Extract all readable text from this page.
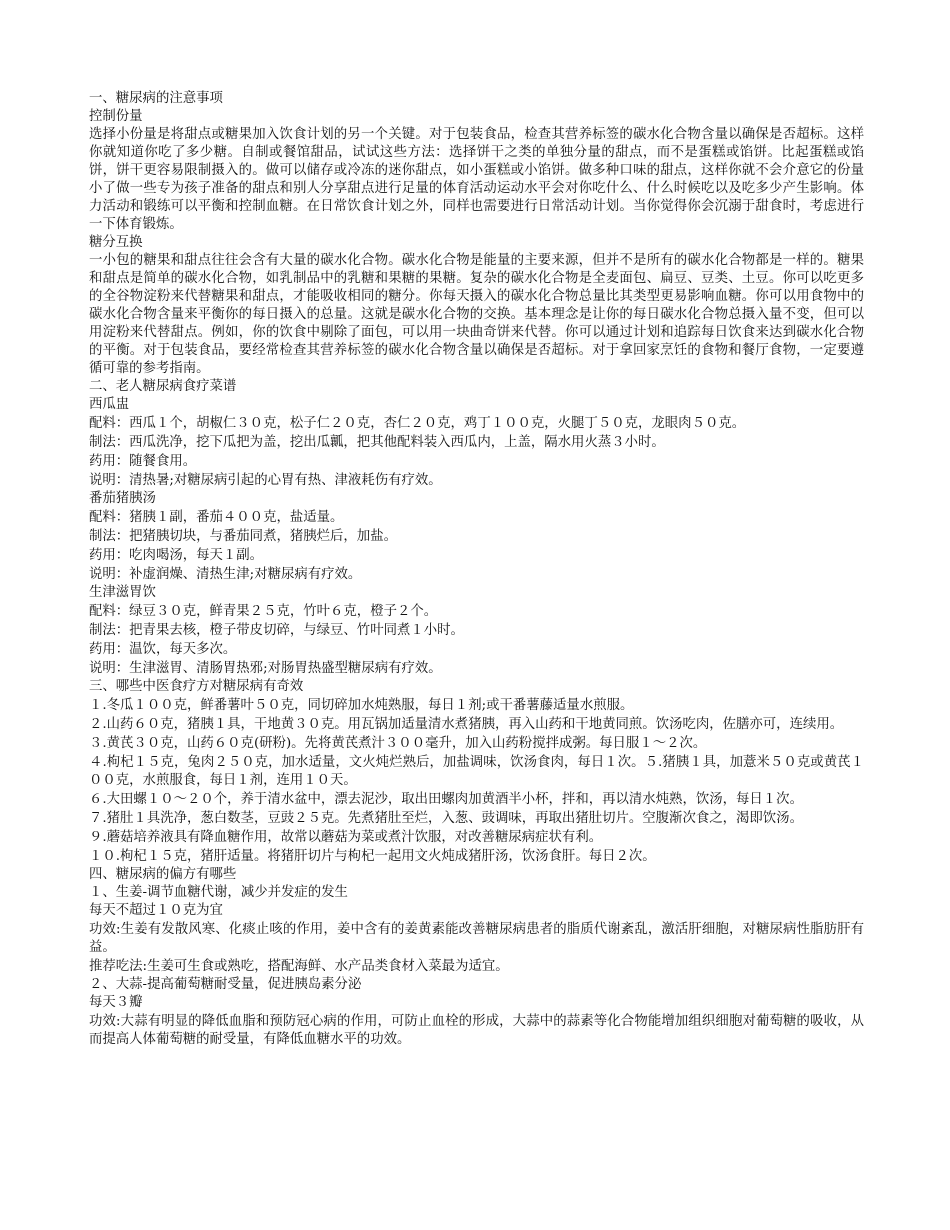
一、糖尿病的注意事项

控制份量

选择小份量是将甜点或糖果加入饮食计划的另一个关键。对于包装食品，检查其营养标签的碳水化合物含量以确保是否超标。这样你就知道你吃了多少糖。自制或餐馆甜品，试试这些方法：选择饼干之类的单独分量的甜点，而不是蛋糕或馅饼。比起蛋糕或馅饼，饼干更容易限制摄入的。做可以储存或冷冻的迷你甜点，如小蛋糕或小馅饼。做多种口味的甜点，这样你就不会介意它的份量小了做一些专为孩子准备的甜点和别人分享甜点进行足量的体育活动运动水平会对你吃什么、什么时候吃以及吃多少产生影响。体力活动和锻练可以平衡和控制血糖。在日常饮食计划之外，同样也需要进行日常活动计划。当你觉得你会沉溺于甜食时，考虑进行一下体育锻炼。

糖分互换

一小包的糖果和甜点往往会含有大量的碳水化合物。碳水化合物是能量的主要来源，但并不是所有的碳水化合物都是一样的。糖果和甜点是简单的碳水化合物，如乳制品中的乳糖和果糖的果糖。复杂的碳水化合物是全麦面包、扁豆、豆类、土豆。你可以吃更多的全谷物淀粉来代替糖果和甜点，才能吸收相同的糖分。你每天摄入的碳水化合物总量比其类型更易影响血糖。你可以用食物中的碳水化合物含量来平衡你的每日摄入的总量。这就是碳水化合物的交换。基本理念是让你的每日碳水化合物总摄入量不变，但可以用淀粉来代替甜点。例如，你的饮食中剔除了面包，可以用一块曲奇饼来代替。你可以通过计划和追踪每日饮食来达到碳水化合物的平衡。对于包装食品，要经常检查其营养标签的碳水化合物含量以确保是否超标。对于拿回家烹饪的食物和餐厅食物，一定要遵循可靠的参考指南。

二、老人糖尿病食疗菜谱

西瓜盅

配料：西瓜１个，胡椒仁３０克，松子仁２０克，杏仁２０克，鸡丁１００克，火腿丁５０克，龙眼肉５０克。

制法：西瓜洗净，挖下瓜把为盖，挖出瓜瓤，把其他配料装入西瓜内，上盖，隔水用火蒸３小时。

药用：随餐食用。

说明：清热暑;对糖尿病引起的心胃有热、津液耗伤有疗效。

番茄猪胰汤

配料：猪胰１副，番茄４００克，盐适量。

制法：把猪胰切块，与番茄同煮，猪胰烂后，加盐。

药用：吃肉喝汤，每天１副。

说明：补虚润燥、清热生津;对糖尿病有疗效。

生津滋胃饮

配料：绿豆３０克，鲜青果２５克，竹叶６克，橙子２个。

制法：把青果去核，橙子带皮切碎，与绿豆、竹叶同煮１小时。

药用：温饮，每天多次。

说明：生津滋胃、清肠胃热邪;对肠胃热盛型糖尿病有疗效。

三、哪些中医食疗方对糖尿病有奇效

１.冬瓜１００克，鲜番薯叶５０克，同切碎加水炖熟服，每日１剂;或干番薯藤适量水煎服。

２.山药６０克，猪胰１具，干地黄３０克。用瓦锅加适量清水煮猪胰，再入山药和干地黄同煎。饮汤吃肉，佐膳亦可，连续用。

３.黄芪３０克，山药６０克(研粉)。先将黄芪煮汁３００毫升，加入山药粉搅拌成粥。每日服１～２次。

４.枸杞１５克，兔肉２５０克，加水适量，文火炖烂熟后，加盐调味，饮汤食肉，每日１次。５.猪胰１具，加薏米５０克或黄芪１００克，水煎服食，每日１剂，连用１０天。

６.大田螺１０～２０个，养于清水盆中，漂去泥沙，取出田螺肉加黄酒半小杯，拌和，再以清水炖熟，饮汤，每日１次。

７.猪肚１具洗净，葱白数茎，豆豉２５克。先煮猪肚至烂，入葱、豉调味，再取出猪肚切片。空腹渐次食之，渴即饮汤。

９.蘑菇培养液具有降血糖作用，故常以蘑菇为菜或煮汁饮服，对改善糖尿病症状有利。

１０.枸杞１５克，猪肝适量。将猪肝切片与枸杞一起用文火炖成猪肝汤，饮汤食肝。每日２次。

四、糖尿病的偏方有哪些

１、生姜-调节血糖代谢，减少并发症的发生

每天不超过１０克为宜

功效:生姜有发散风寒、化痰止咳的作用，姜中含有的姜黄素能改善糖尿病患者的脂质代谢紊乱，激活肝细胞，对糖尿病性脂肪肝有益。

推荐吃法:生姜可生食或熟吃，搭配海鲜、水产品类食材入菜最为适宜。

２、大蒜-提高葡萄糖耐受量，促进胰岛素分泌

每天３瓣

功效:大蒜有明显的降低血脂和预防冠心病的作用，可防止血栓的形成，大蒜中的蒜素等化合物能增加组织细胞对葡萄糖的吸收，从而提高人体葡萄糖的耐受量，有降低血糖水平的功效。
